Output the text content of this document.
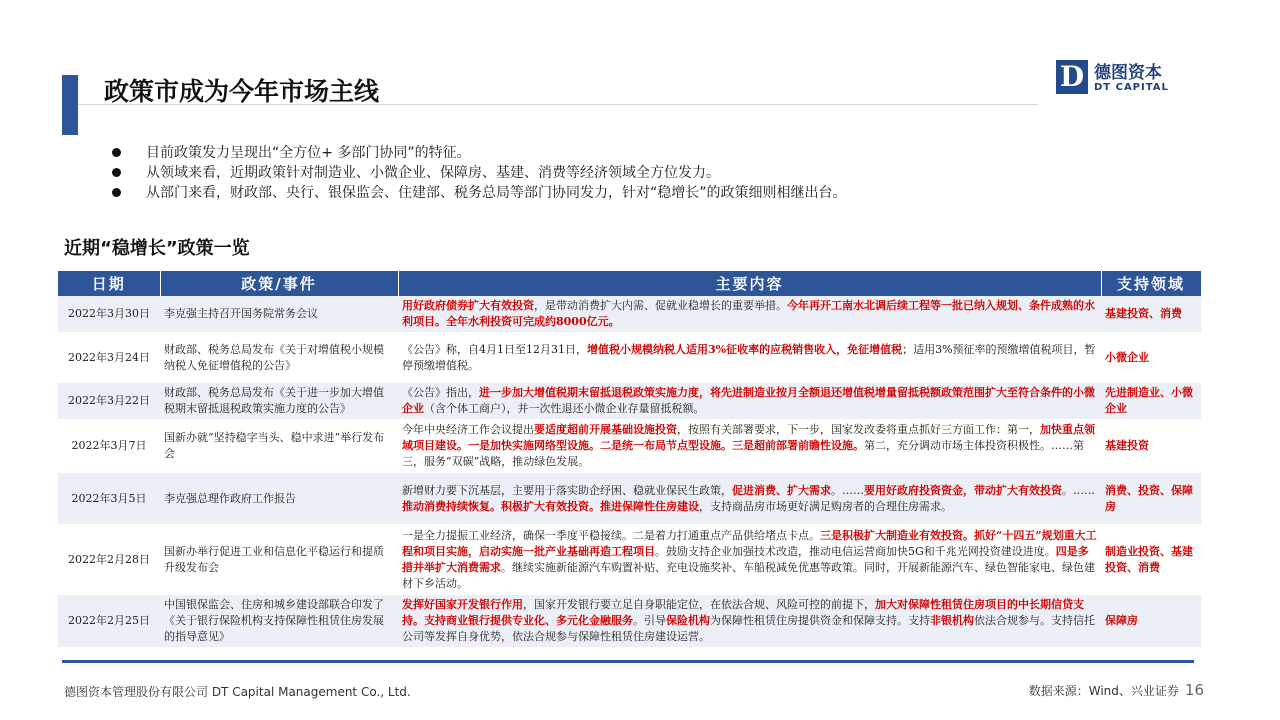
政策市成为今年市场主线	D 德图资本
DT CAPITAL
目前政策发力呈现出“全方位+ 多部门协同”的特征。
从领域来看，近期政策针对制造业、小微企业、保障房、基建、消费等经济领域全方位发力。
从部门来看，财政部、央行、银保监会、住建部、税务总局等部门协同发力，针对“稳增长”的政策细则相继出台。
近期“稳增长”政策一览
日期	政策/事件	主要内容	支持领域
2022年3月30日	李克强主持召开国务院常务会议	用好政府债券扩大有效投资，是带动消费扩大内需、促就业稳增长的重要举措。今年再开工南水北调后续工程等一批已纳入规划、条件成熟的水利项目。全年水利投资可完成约8000亿元。	基建投资、消费
2022年3月24日	财政部、税务总局发布《关于对增值税小规模纳税人免征增值税的公告》	《公告》称，自4月1日至12月31日，增值税小规模纳税人适用3%征收率的应税销售收入，免征增值税；适用3%预征率的预缴增值税项目，暂停预缴增值税。	小微企业
2022年3月22日	财政部、税务总局发布《关于进一步加大增值税期末留抵退税政策实施力度的公告》	《公告》指出，进一步加大增值税期末留抵退税政策实施力度，将先进制造业按月全额退还增值税增量留抵税额政策范围扩大至符合条件的小微企业（含个体工商户），并一次性退还小微企业存量留抵税额。	先进制造业、小微企业
2022年3月7日	国新办就“坚持稳字当头、稳中求进”举行发布会	今年中央经济工作会议提出要适度超前开展基础设施投资，按照有关部署要求，下一步，国家发改委将重点抓好三方面工作：第一，加快重点领域项目建设。一是加快实施网络型设施。二是统一布局节点型设施。三是超前部署前瞻性设施。第二，充分调动市场主体投资积极性。……第三，服务“双碳”战略，推动绿色发展。	基建投资
2022年3月5日	李克强总理作政府工作报告	新增财力要下沉基层，主要用于落实助企纾困、稳就业保民生政策，促进消费、扩大需求。……要用好政府投资资金，带动扩大有效投资。……推动消费持续恢复。积极扩大有效投资。推进保障性住房建设，支持商品房市场更好满足购房者的合理住房需求。	消费、投资、保障房
2022年2月28日	国新办举行促进工业和信息化平稳运行和提质升级发布会	一是全力提振工业经济，确保一季度平稳接续。二是着力打通重点产品供给堵点卡点。三是积极扩大制造业有效投资。抓好“十四五”规划重大工程和项目实施，启动实施一批产业基础再造工程项目。鼓励支持企业加强技术改造，推动电信运营商加快5G和千兆光网投资建设进度。四是多措并举扩大消费需求。继续实施新能源汽车购置补贴、充电设施奖补、车船税减免优惠等政策。同时，开展新能源汽车、绿色智能家电、绿色建材下乡活动。	制造业投资、基建投资、消费
2022年2月25日	中国银保监会、住房和城乡建设部联合印发了《关于银行保险机构支持保障性租赁住房发展的指导意见》	发挥好国家开发银行作用，国家开发银行要立足自身职能定位，在依法合规、风险可控的前提下，加大对保障性租赁住房项目的中长期信贷支持。支持商业银行提供专业化、多元化金融服务。引导保险机构为保障性租赁住房提供资金和保障支持。支持非银机构依法合规参与。支持信托公司等发挥自身优势，依法合规参与保障性租赁住房建设运营。	保障房
德图资本管理股份有限公司 DT Capital Management Co., Ltd.	数据来源：Wind、兴业证券 16
